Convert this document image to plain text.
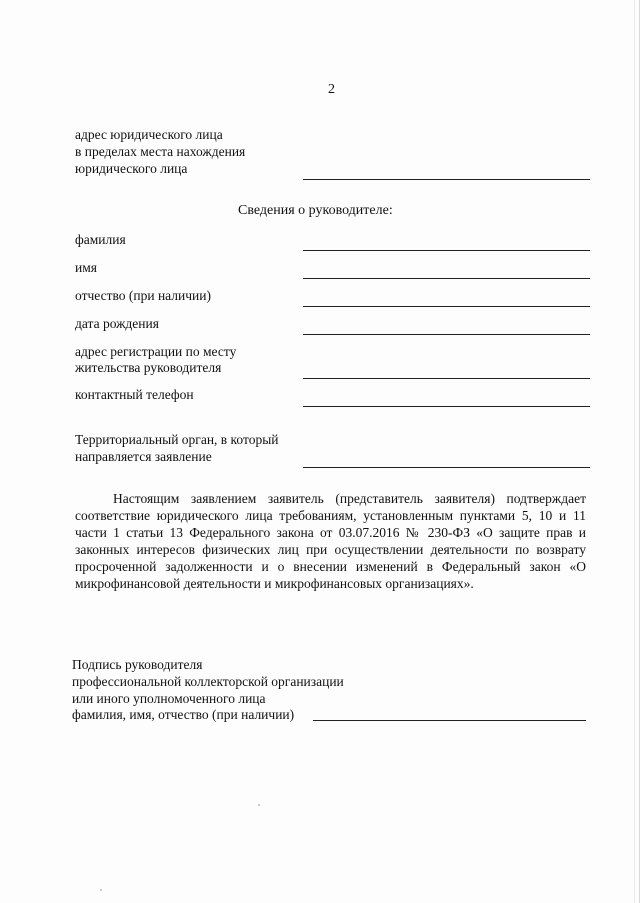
2
адрес юридического лица
в пределах места нахождения
юридического лица
Сведения о руководителе:
фамилия
имя
отчество (при наличии)
дата рождения
адрес регистрации по месту
жительства руководителя
контактный телефон
Территориальный орган, в который
направляется заявление

Настоящим заявлением заявитель (представитель заявителя) подтверждает соответствие юридического лица требованиям, установленным пунктами 5, 10 и 11 части 1 статьи 13 Федерального закона от 03.07.2016 № 230-ФЗ «О защите прав и законных интересов физических лиц при осуществлении деятельности по возврату просроченной задолженности и о внесении изменений в Федеральный закон «О микрофинансовой деятельности и микрофинансовых организациях».

Подпись руководителя
профессиональной коллекторской организации
или иного уполномоченного лица
фамилия, имя, отчество (при наличии)
